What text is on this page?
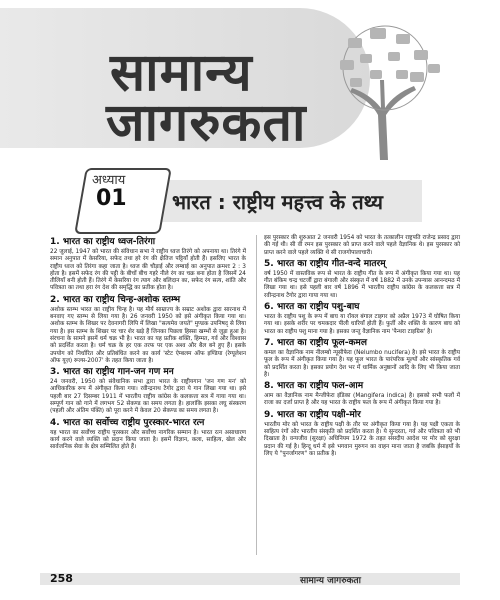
सामान्य
जागरुकता
अध्याय
01 भारत : राष्ट्रीय महत्त्व के तथ्य
1. भारत का राष्ट्रीय ध्वज-तिरंगा

22 जुलाई, 1947 को भारत की संविधान सभा ने राष्ट्रीय ध्वज तिरंगे को अपनाया था। तिरंगे में समान अनुपात में केसरिया, सफेद तथा हरे रंग की क्षैतिज पट्टियाँ होती हैं। इसलिए भारत के राष्ट्रीय ध्वज को तिरंगा कहा जाता है। ध्वज की चौड़ाई और लम्बाई का अनुपात क्रमशः 2 : 3 होता है। इसमें सफेद रंग की पट्टी के बीचों बीच गहरे नीले रंग का चक्र बना होता है जिसमें 24 तीलियाँ बनी होती हैं। तिरंगे में केसरिया रंग त्याग और बलिदान का, सफेद रंग सत्य, शांति और पवित्रता का तथा हरा रंग देश की समृद्धि का प्रतीक होता है।

2. भारत का राष्ट्रीय चिन्ह-अशोक स्तम्भ

अशोक स्तम्भ भारत का राष्ट्रीय चिन्ह है। यह मौर्य साम्राज्य के सम्राट अशोक द्वारा सारनाथ में बनवाए गए स्तम्भ से लिया गया है। 26 जनवरी 1950 को इसे अंगीकृत किया गया था। अशोक स्तम्भ के शिखर पर देवनागरी लिपि में लिखा "सत्यमेव जयते" मुण्डक उपनिषद् से लिया गया है। इस स्तम्भ के शिखर पर चार शेर खड़े हैं जिनका पिछला हिस्सा खम्भों से जुड़ा हुआ है। संरचना के सामने इसमें धर्म चक्र भी है। भारत का यह प्रतीक शक्ति, हिम्मत, गर्व और विश्वास को प्रदर्शित करता है। धर्म चक्र के हर एक तरफ पर एक अश्व और बैल बने हुए हैं। इसके उपयोग को निर्धारित और प्रतिबंधित करने का कार्य 'स्टेट ऐम्बलम ऑफ इण्डिया (रेग्यूलेशन ऑफ यूज़) रूल्स-2007' के तहत किया जाता है।

3. भारत का राष्ट्रीय गान-जन गण मन

24 जनवरी, 1950 को संवैधानिक सभा द्वारा भारत के राष्ट्रीयगान 'जन गण मन' को आधिकारिक रूप में अंगीकृत किया गया। रवीन्द्रनाथ टैगोर द्वारा ये गान लिखा गया था। इसे पहली बार 27 दिसम्बर 1911 में भारतीय राष्ट्रीय कांग्रेस के कलकत्ता सत्र में गाया गया था। सम्पूर्ण गान को गाने में लगभग 52 सेकण्ड का समय लगता है। हालांकि इसका लघु संस्करण (पहली और अंतिम पंक्ति) को पूरा करने में केवल 20 सेकण्ड का समय लगता है।

4. भारत का सर्वोच्च राष्ट्रीय पुरस्कार-भारत रत्न

यह भारत का सर्वोच्च राष्ट्रीय पुरस्कार और सर्वोच्च नागरिक सम्मान है। भारत रत्न असाधारण कार्य करने वाले व्यक्ति को प्रदान किया जाता है। इसमें विज्ञान, कला, साहित्य, खेल और सार्वजनिक सेवा के क्षेत्र सम्मिलित होते हैं।

इस पुरस्कार की शुरुआत 2 जनवरी 1954 को भारत के तत्कालीन राष्ट्रपति राजेन्द्र प्रसाद द्वारा की गई थी। सी वी रमन इस पुरस्कार को प्राप्त करने वाले पहले वैज्ञानिक थे। इस पुरस्कार को प्राप्त करने वाले पहले व्यक्ति थे सी राजगोपालाचारी।

5. भारत का राष्ट्रीय गीत-वन्दे मातरम्

वर्ष 1950 में वास्तविक रूप से भारत के राष्ट्रीय गीत के रूप में अंगीकृत किया गया था। यह गीत बंकिम चन्द्र चटर्जी द्वारा बंगाली और संस्कृत में वर्ष 1882 में उनके उपन्यास आनन्दमठ में लिखा गया था। इसे पहली बार वर्ष 1896 में भारतीय राष्ट्रीय कांग्रेस के कलकत्ता सत्र में रवीन्द्रनाथ टैगोर द्वारा गाया गया था।

6. भारत का राष्ट्रीय पशु-बाघ

भारत के राष्ट्रीय पशु के रूप में बाघ या रॉयल बंगाल टाइगर को अप्रैल 1973 में घोषित किया गया था। इसके शरीर पर चमकदार पीली धारियाँ होती हैं। फुर्ती और शक्ति के कारण बाघ को भारत का राष्ट्रीय पशु माना गया है। इसका जन्तु वैज्ञानिक नाम 'पैन्थरा टाइग्रिस' है।

7. भारत का राष्ट्रीय फूल-कमल

कमल का वैज्ञानिक नाम नीलम्बो न्यूसीफेरा (Nelumbo nucifera) है। इसे भारत के राष्ट्रीय फूल के रूप में अंगीकृत किया गया है। यह फूल भारत के पारंपरिक मूल्यों और सांस्कृतिक गर्व को प्रदर्शित करता है। इसका प्रयोग देश भर में धार्मिक अनुष्ठानों आदि के लिए भी किया जाता है।

8. भारत का राष्ट्रीय फल-आम

आम का वैज्ञानिक नाम मैन्जीफेरा इंडिका (Mangifera indica) है। इसको सभी फलों में राजा का दर्जा प्राप्त है और यह भारत के राष्ट्रीय फल के रूप में अंगीकृत किया गया है।

9. भारत का राष्ट्रीय पक्षी-मोर

भारतीय मोर को भारत के राष्ट्रीय पक्षी के तौर पर अंगीकृत किया गया है। यह पक्षी एकता के साहित्य रंगों और भारतीय संस्कृति को प्रदर्शित करता है। ये सुन्दरता, गर्व और पवित्रता को भी दिखाता है। वन्यजीव (सुरक्षा) अधिनियम 1972 के तहत संसदीय आदेश पर मोर को सुरक्षा प्रदान की गई है। हिन्दू धर्म में इसे भगवान मुरुगन का वाहन माना जाता है जबकि ईसाइयों के लिए ये "पुनर्जागरण" का प्रतीक है।

258	सामान्य जागरुकता
